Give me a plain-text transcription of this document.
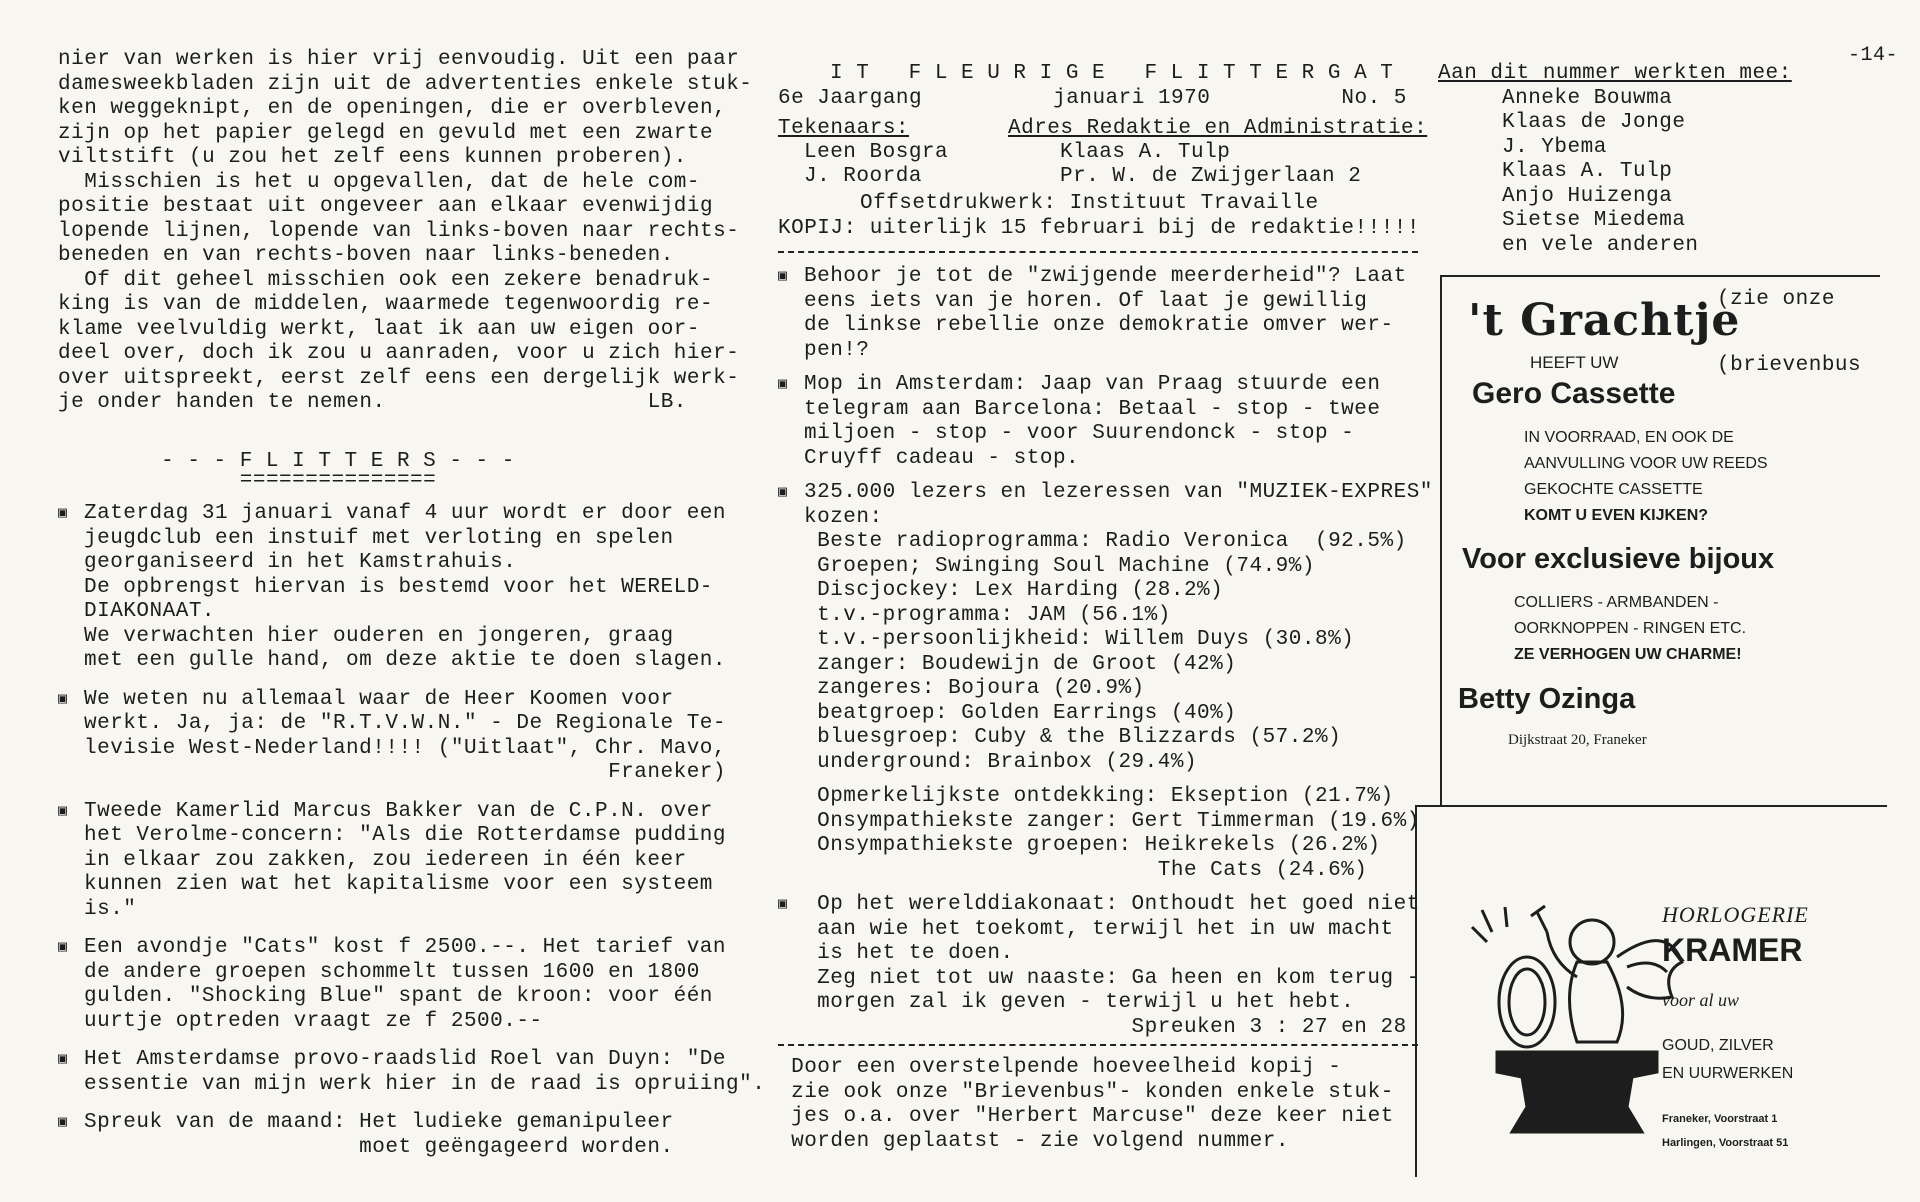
-14-
nier van werken is hier vrij eenvoudig. Uit een paar
damesweekbladen zijn uit de advertenties enkele stuk-
ken weggeknipt, en de openingen, die er overbleven,
zijn op het papier gelegd en gevuld met een zwarte
viltstift (u zou het zelf eens kunnen proberen).
Misschien is het u opgevallen, dat de hele com-
positie bestaat uit ongeveer aan elkaar evenwijdig
lopende lijnen, lopende van links-boven naar rechts-
beneden en van rechts-boven naar links-beneden.
Of dit geheel misschien ook een zekere benadruk-
king is van de middelen, waarmede tegenwoordig re-
klame veelvuldig werkt, laat ik aan uw eigen oor-
deel over, doch ik zou u aanraden, voor u zich hier-
over uitspreekt, eerst zelf eens een dergelijk werk-
je onder handen te nemen.                    LB.
- - - F L I T T E R S - - -
===============
▣ Zaterdag 31 januari vanaf 4 uur wordt er door een
jeugdclub een instuif met verloting en spelen
georganiseerd in het Kamstrahuis.
De opbrengst hiervan is bestemd voor het WERELD-
DIAKONAAT.
We verwachten hier ouderen en jongeren, graag
met een gulle hand, om deze aktie te doen slagen.
▣ We weten nu allemaal waar de Heer Koomen voor
werkt. Ja, ja: de "R.T.V.W.N." - De Regionale Te-
levisie West-Nederland!!!! ("Uitlaat", Chr. Mavo,
Franeker)
▣ Tweede Kamerlid Marcus Bakker van de C.P.N. over
het Verolme-concern: "Als die Rotterdamse pudding
in elkaar zou zakken, zou iedereen in één keer
kunnen zien wat het kapitalisme voor een systeem
is."
▣ Een avondje "Cats" kost f 2500.--. Het tarief van
de andere groepen schommelt tussen 1600 en 1800
gulden. "Shocking Blue" spant de kroon: voor één
uurtje optreden vraagt ze f 2500.--
▣ Het Amsterdamse provo-raadslid Roel van Duyn: "De
essentie van mijn werk hier in de raad is opruiing".
▣ Spreuk van de maand: Het ludieke gemanipuleer
moet geëngageerd worden.
I T   F L E U R I G E   F L I T T E R G A T
6e Jaargang          januari 1970          No. 5
Tekenaars:	Adres Redaktie en Administratie:
Leen Bosgra
J. Roorda
Klaas A. Tulp
Pr. W. de Zwijgerlaan 2
Offsetdrukwerk: Instituut Travaille
KOPIJ: uiterlijk 15 februari bij de redaktie!!!!!
▣ Behoor je tot de "zwijgende meerderheid"? Laat
eens iets van je horen. Of laat je gewillig
de linkse rebellie onze demokratie omver wer-
pen!?
▣ Mop in Amsterdam: Jaap van Praag stuurde een
telegram aan Barcelona: Betaal - stop - twee
miljoen - stop - voor Suurendonck - stop -
Cruyff cadeau - stop.
▣ 325.000 lezers en lezeressen van "MUZIEK-EXPRES"
kozen:
Beste radioprogramma: Radio Veronica  (92.5%)
Groepen; Swinging Soul Machine (74.9%)
Discjockey: Lex Harding (28.2%)
t.v.-programma: JAM (56.1%)
t.v.-persoonlijkheid: Willem Duys (30.8%)
zanger: Boudewijn de Groot (42%)
zangeres: Bojoura (20.9%)
beatgroep: Golden Earrings (40%)
bluesgroep: Cuby & the Blizzards (57.2%)
underground: Brainbox (29.4%)
Opmerkelijkste ontdekking: Ekseption (21.7%)
Onsympathiekste zanger: Gert Timmerman (19.6%)
Onsympathiekste groepen: Heikrekels (26.2%)
The Cats (24.6%)
▣ Op het werelddiakonaat: Onthoudt het goed niet
aan wie het toekomt, terwijl het in uw macht
is het te doen.
Zeg niet tot uw naaste: Ga heen en kom terug -
morgen zal ik geven - terwijl u het hebt.
Spreuken 3 : 27 en 28
Door een overstelpende hoeveelheid kopij -
zie ook onze "Brievenbus"- konden enkele stuk-
jes o.a. over "Herbert Marcuse" deze keer niet
worden geplaatst - zie volgend nummer.
Aan dit nummer werkten mee:
Anneke Bouwma
Klaas de Jonge
J. Ybema
Klaas A. Tulp
Anjo Huizenga
Sietse Miedema
en vele anderen

(zie onze

(brievenbus

't Grachtje
HEEFT UW
Gero Cassette
IN VOORRAAD, EN OOK DE
AANVULLING VOOR UW REEDS
GEKOCHTE CASSETTE
KOMT U EVEN KIJKEN?
Voor exclusieve bijoux
COLLIERS - ARMBANDEN -
OORKNOPPEN - RINGEN ETC.
ZE VERHOGEN UW CHARME!
Betty Ozinga
Dijkstraat 20, Franeker
HORLOGERIE
KRAMER
voor al uw
GOUD, ZILVER
EN UURWERKEN
Franeker, Voorstraat 1
Harlingen, Voorstraat 51
